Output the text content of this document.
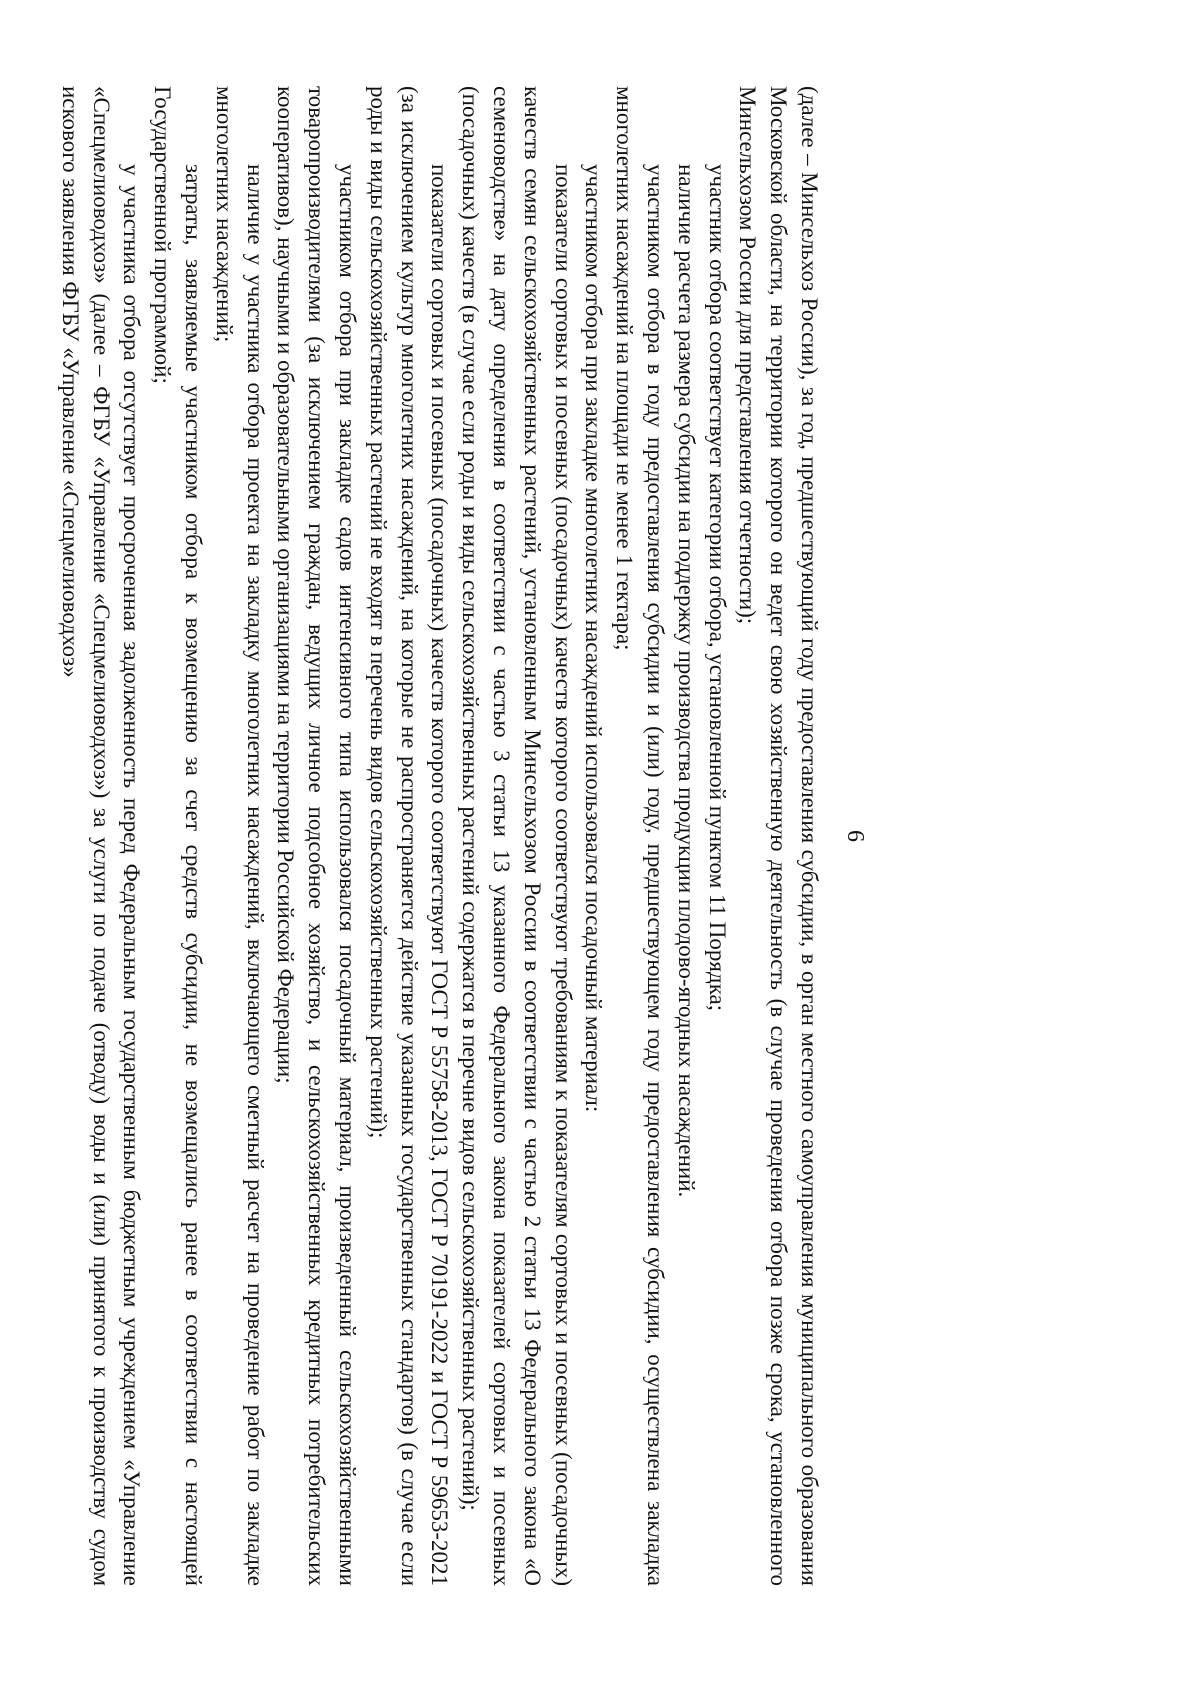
6

(далее – Минсельхоз России), за год, предшествующий году предоставления субсидии, в орган местного самоуправления муниципального образования Московской области, на территории которого он ведет свою хозяйственную деятельность (в случае проведения отбора позже срока, установленного Минсельхозом России для представления отчетности);

участник отбора соответствует категории отбора, установленной пунктом 11 Порядка;

наличие расчета размера субсидии на поддержку производства продукции плодово-ягодных насаждений.

участником отбора в году предоставления субсидии и (или) году, предшествующем году предоставления субсидии, осуществлена закладка многолетних насаждений на площади не менее 1 гектара;

участником отбора при закладке многолетних насаждений использовался посадочный материал:

показатели сортовых и посевных (посадочных) качеств которого соответствуют требованиям к показателям сортовых и посевных (посадочных) качеств семян сельскохозяйственных растений, установленным Минсельхозом России в соответствии с частью 2 статьи 13 Федерального закона «О семеноводстве» на дату определения в соответствии с частью 3 статьи 13 указанного Федерального закона показателей сортовых и посевных (посадочных) качеств (в случае если роды и виды сельскохозяйственных растений содержатся в перечне видов сельскохозяйственных растений);

показатели сортовых и посевных (посадочных) качеств которого соответствуют ГОСТ Р 55758-2013, ГОСТ Р 70191-2022 и ГОСТ Р 59653-2021 (за исключением культур многолетних насаждений, на которые не распространяется действие указанных государственных стандартов) (в случае если роды и виды сельскохозяйственных растений не входят в перечень видов сельскохозяйственных растений);

участником отбора при закладке садов интенсивного типа использовался посадочный материал, произведенный сельскохозяйственными товаропроизводителями (за исключением граждан, ведущих личное подсобное хозяйство, и сельскохозяйственных кредитных потребительских кооперативов), научными и образовательными организациями на территории Российской Федерации;

наличие у участника отбора проекта на закладку многолетних насаждений, включающего сметный расчет на проведение работ по закладке многолетних насаждений;

затраты, заявляемые участником отбора к возмещению за счет средств субсидии, не возмещались ранее в соответствии с настоящей Государственной программой;

у участника отбора отсутствует просроченная задолженность перед Федеральным государственным бюджетным учреждением «Управление «Спецмелиоводхоз» (далее – ФГБУ «Управление «Спецмелиоводхоз») за услуги по подаче (отводу) воды и (или) принятого к производству судом искового заявления ФГБУ «Управление «Спецмелиоводхоз»
